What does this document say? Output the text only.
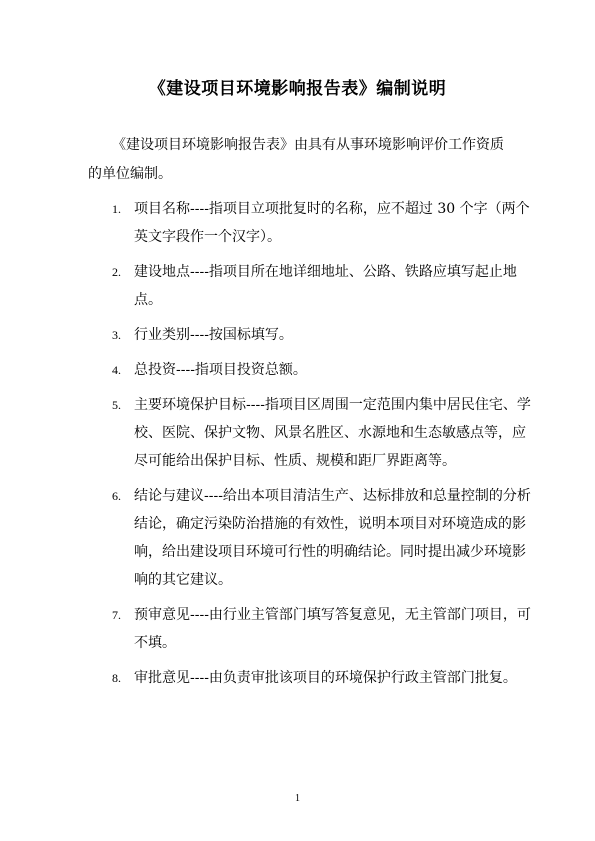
《建设项目环境影响报告表》编制说明
《建设项目环境影响报告表》由具有从事环境影响评价工作资质
的单位编制。
1. 项目名称----指项目立项批复时的名称，应不超过 30 个字（两个英文字段作一个汉字）。
2. 建设地点----指项目所在地详细地址、公路、铁路应填写起止地点。
3. 行业类别----按国标填写。
4. 总投资----指项目投资总额。
5. 主要环境保护目标----指项目区周围一定范围内集中居民住宅、学校、医院、保护文物、风景名胜区、水源地和生态敏感点等，应尽可能给出保护目标、性质、规模和距厂界距离等。
6. 结论与建议----给出本项目清洁生产、达标排放和总量控制的分析结论，确定污染防治措施的有效性，说明本项目对环境造成的影响，给出建设项目环境可行性的明确结论。同时提出减少环境影响的其它建议。
7. 预审意见----由行业主管部门填写答复意见，无主管部门项目，可不填。
8. 审批意见----由负责审批该项目的环境保护行政主管部门批复。
1
